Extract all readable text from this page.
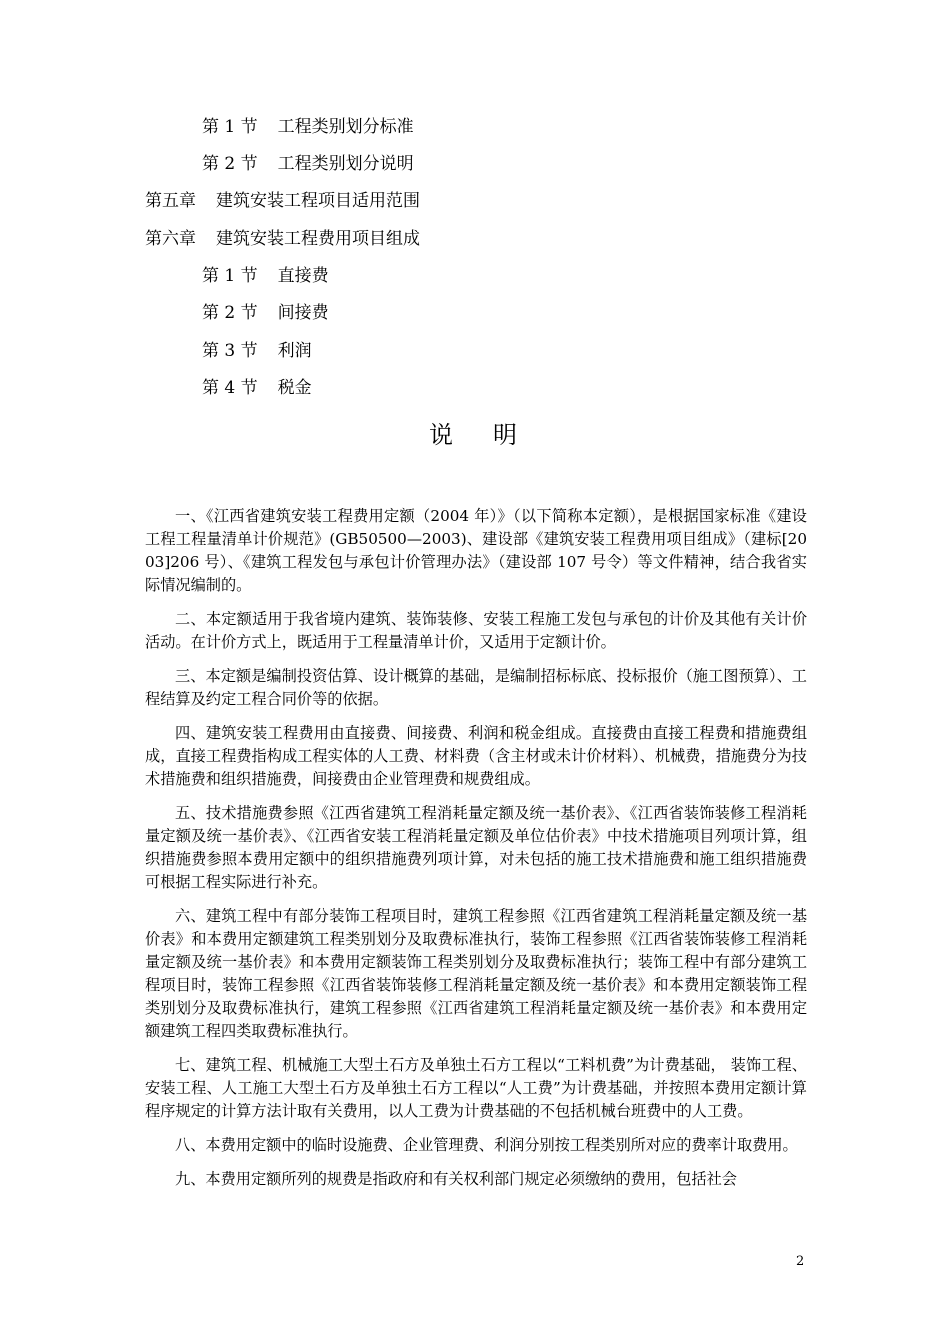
第 1 节 工程类别划分标准
第 2 节 工程类别划分说明
第五章 建筑安装工程项目适用范围
第六章 建筑安装工程费用项目组成
第 1 节 直接费
第 2 节 间接费
第 3 节 利润
第 4 节 税金
说 明

一、《江西省建筑安装工程费用定额（2004 年）》（以下简称本定额），是根据国家标准《建设工程工程量清单计价规范》(GB50500—2003)、建设部《建筑安装工程费用项目组成》（建标[2003]206 号）、《建筑工程发包与承包计价管理办法》（建设部 107 号令）等文件精神，结合我省实际情况编制的。

二、本定额适用于我省境内建筑、装饰装修、安装工程施工发包与承包的计价及其他有关计价活动。在计价方式上，既适用于工程量清单计价，又适用于定额计价。

三、本定额是编制投资估算、设计概算的基础，是编制招标标底、投标报价（施工图预算）、工程结算及约定工程合同价等的依据。

四、建筑安装工程费用由直接费、间接费、利润和税金组成。直接费由直接工程费和措施费组成，直接工程费指构成工程实体的人工费、材料费（含主材或未计价材料）、机械费，措施费分为技术措施费和组织措施费，间接费由企业管理费和规费组成。

五、技术措施费参照《江西省建筑工程消耗量定额及统一基价表》、《江西省装饰装修工程消耗量定额及统一基价表》、《江西省安装工程消耗量定额及单位估价表》中技术措施项目列项计算，组织措施费参照本费用定额中的组织措施费列项计算，对未包括的施工技术措施费和施工组织措施费可根据工程实际进行补充。

六、建筑工程中有部分装饰工程项目时，建筑工程参照《江西省建筑工程消耗量定额及统一基价表》和本费用定额建筑工程类别划分及取费标准执行，装饰工程参照《江西省装饰装修工程消耗量定额及统一基价表》和本费用定额装饰工程类别划分及取费标准执行；装饰工程中有部分建筑工程项目时，装饰工程参照《江西省装饰装修工程消耗量定额及统一基价表》和本费用定额装饰工程类别划分及取费标准执行，建筑工程参照《江西省建筑工程消耗量定额及统一基价表》和本费用定额建筑工程四类取费标准执行。

七、建筑工程、机械施工大型土石方及单独土石方工程以“工料机费”为计费基础， 装饰工程、安装工程、人工施工大型土石方及单独土石方工程以“人工费”为计费基础，并按照本费用定额计算程序规定的计算方法计取有关费用，以人工费为计费基础的不包括机械台班费中的人工费。

八、本费用定额中的临时设施费、企业管理费、利润分别按工程类别所对应的费率计取费用。

九、本费用定额所列的规费是指政府和有关权利部门规定必须缴纳的费用，包括社会

2
